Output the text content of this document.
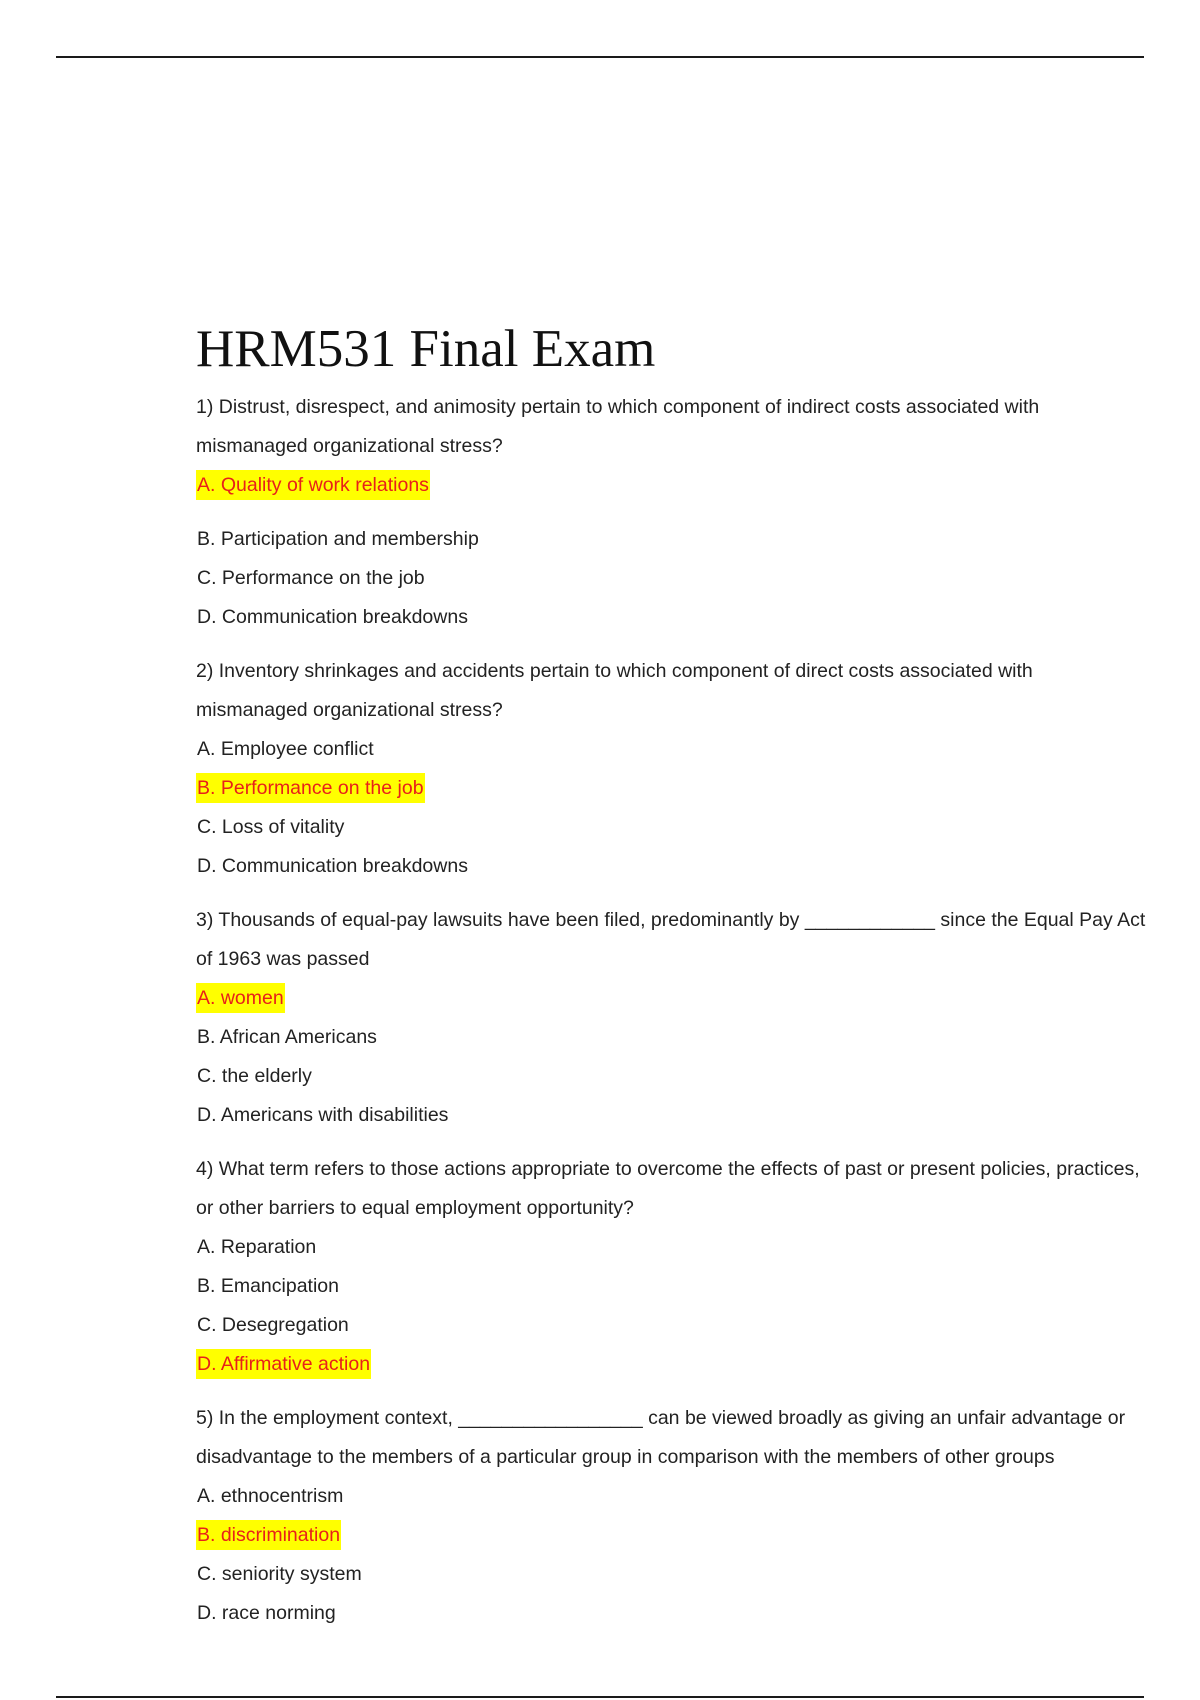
HRM531 Final Exam

1) Distrust, disrespect, and animosity pertain to which component of indirect costs associated with mismanaged organizational stress?

A. Quality of work relations
B. Participation and membership
C. Performance on the job
D. Communication breakdowns

2) Inventory shrinkages and accidents pertain to which component of direct costs associated with mismanaged organizational stress?

A. Employee conflict
B. Performance on the job
C. Loss of vitality
D. Communication breakdowns

3) Thousands of equal-pay lawsuits have been filed, predominantly by ____________ since the Equal Pay Act of 1963 was passed

A. women
B. African Americans
C. the elderly
D. Americans with disabilities

4) What term refers to those actions appropriate to overcome the effects of past or present policies, practices, or other barriers to equal employment opportunity?

A. Reparation
B. Emancipation
C. Desegregation
D. Affirmative action

5) In the employment context, _________________ can be viewed broadly as giving an unfair advantage or disadvantage to the members of a particular group in comparison with the members of other groups

A. ethnocentrism
B. discrimination
C. seniority system
D. race norming
